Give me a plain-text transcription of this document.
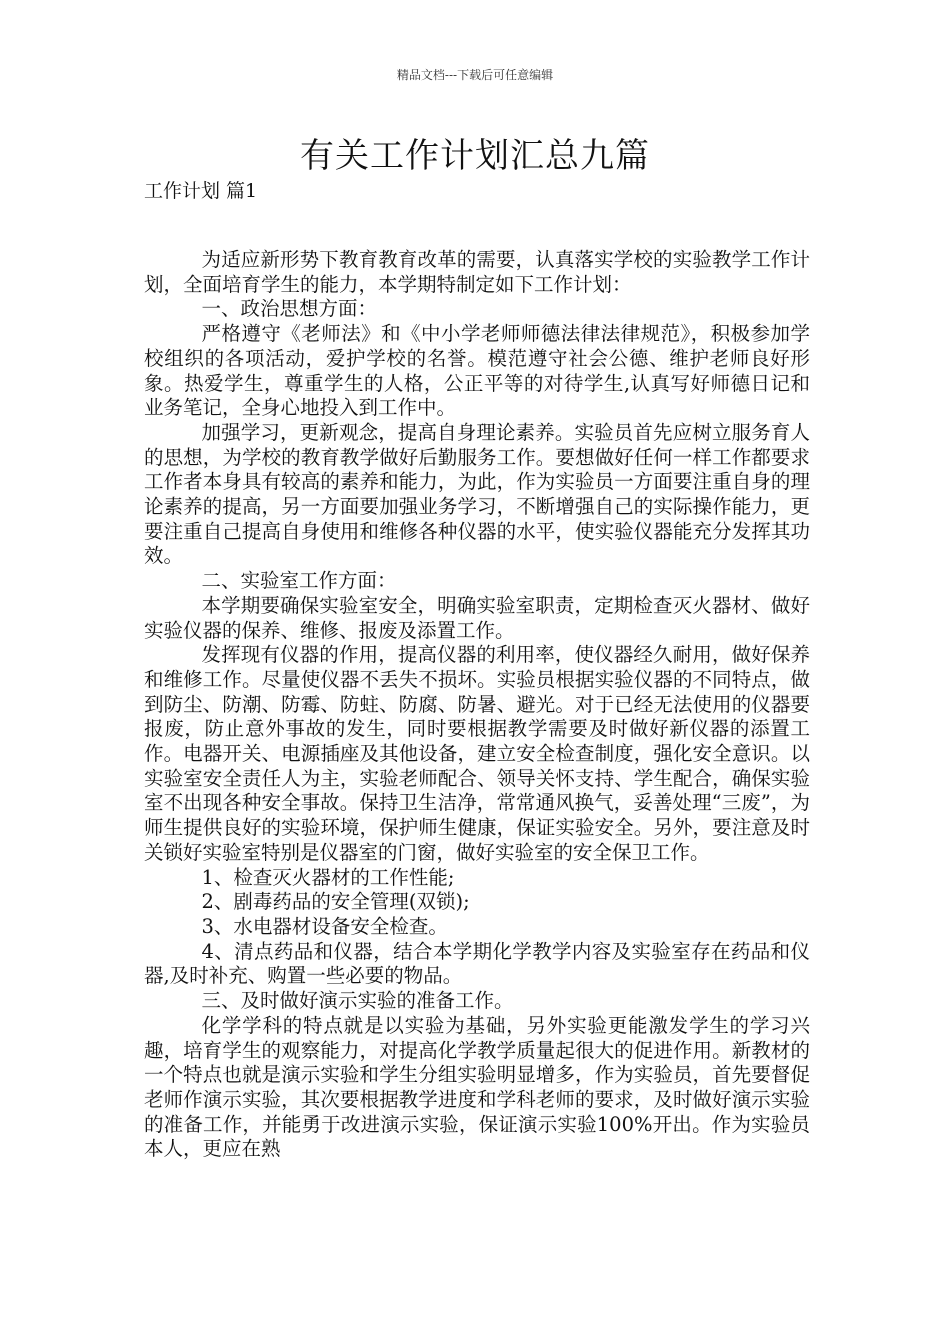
精品文档---下载后可任意编辑
有关工作计划汇总九篇
工作计划 篇1

为适应新形势下教育教育改革的需要，认真落实学校的实验教学工作计划，全面培育学生的能力，本学期特制定如下工作计划：

一、政治思想方面：

严格遵守《老师法》和《中小学老师师德法律法律规范》，积极参加学校组织的各项活动，爱护学校的名誉。模范遵守社会公德、维护老师良好形象。热爱学生，尊重学生的人格，公正平等的对待学生,认真写好师德日记和业务笔记，全身心地投入到工作中。

加强学习，更新观念，提高自身理论素养。实验员首先应树立服务育人的思想，为学校的教育教学做好后勤服务工作。要想做好任何一样工作都要求工作者本身具有较高的素养和能力，为此，作为实验员一方面要注重自身的理论素养的提高，另一方面要加强业务学习，不断增强自己的实际操作能力，更要注重自己提高自身使用和维修各种仪器的水平，使实验仪器能充分发挥其功效。

二、实验室工作方面：

本学期要确保实验室安全，明确实验室职责，定期检查灭火器材、做好实验仪器的保养、维修、报废及添置工作。

发挥现有仪器的作用，提高仪器的利用率，使仪器经久耐用，做好保养和维修工作。尽量使仪器不丢失不损坏。实验员根据实验仪器的不同特点，做到防尘、防潮、防霉、防蛀、防腐、防暑、避光。对于已经无法使用的仪器要报废，防止意外事故的发生，同时要根据教学需要及时做好新仪器的添置工作。电器开关、电源插座及其他设备，建立安全检查制度，强化安全意识。以实验室安全责任人为主，实验老师配合、领导关怀支持、学生配合，确保实验室不出现各种安全事故。保持卫生洁净，常常通风换气，妥善处理“三废”，为师生提供良好的实验环境，保护师生健康，保证实验安全。另外，要注意及时关锁好实验室特别是仪器室的门窗，做好实验室的安全保卫工作。

1、检查灭火器材的工作性能;

2、剧毒药品的安全管理(双锁);

3、水电器材设备安全检查。

4、清点药品和仪器，结合本学期化学教学内容及实验室存在药品和仪器,及时补充、购置一些必要的物品。

三、及时做好演示实验的准备工作。

化学学科的特点就是以实验为基础，另外实验更能激发学生的学习兴趣，培育学生的观察能力，对提高化学教学质量起很大的促进作用。新教材的一个特点也就是演示实验和学生分组实验明显增多，作为实验员，首先要督促老师作演示实验，其次要根据教学进度和学科老师的要求，及时做好演示实验的准备工作，并能勇于改进演示实验，保证演示实验100%开出。作为实验员本人，更应在熟
